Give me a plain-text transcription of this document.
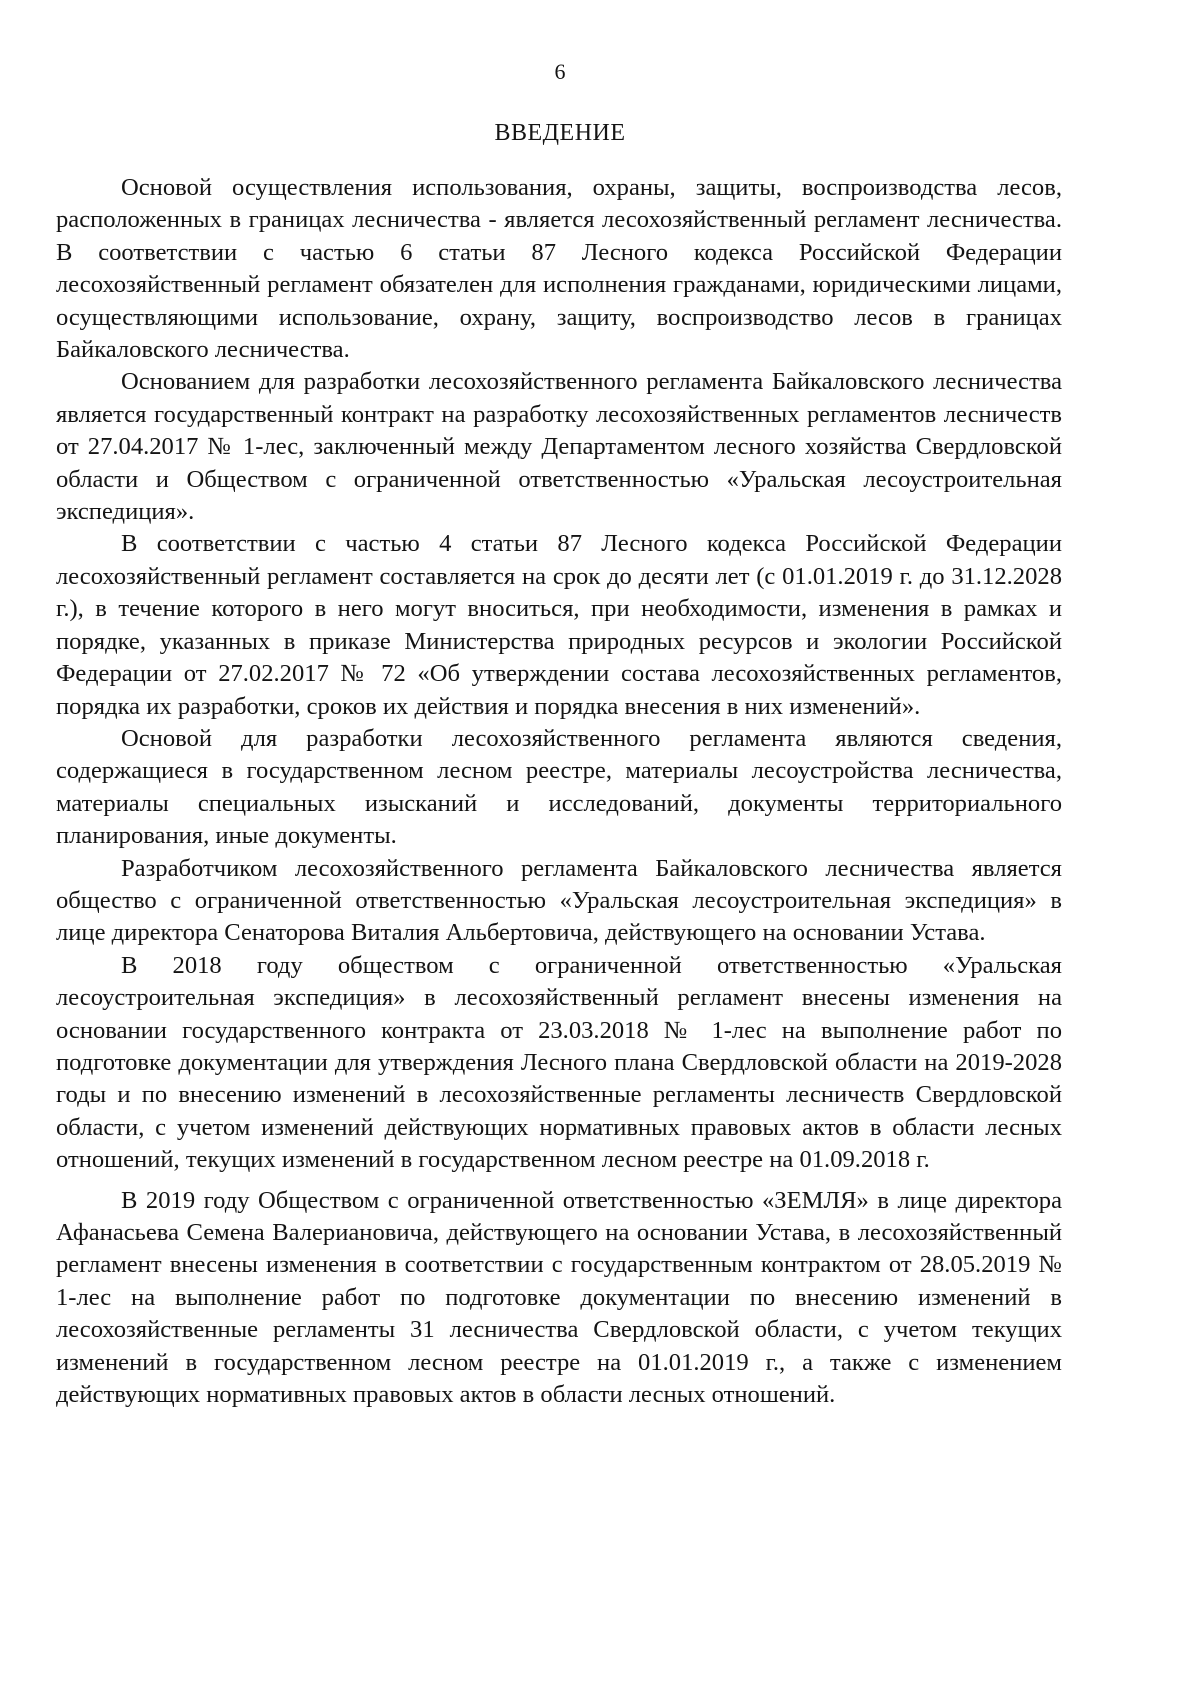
6
ВВЕДЕНИЕ

Основой осуществления использования, охраны, защиты, воспроизводства лесов, расположенных в границах лесничества - является лесохозяйственный регламент лесничества. В соответствии с частью 6 статьи 87 Лесного кодекса Российской Федерации лесохозяйственный регламент обязателен для исполнения гражданами, юридическими лицами, осуществляющими использование, охрану, защиту, воспроизводство лесов в границах Байкаловского лесничества.

Основанием для разработки лесохозяйственного регламента Байкаловского лесничества является государственный контракт на разработку лесохозяйственных регламентов лесничеств от 27.04.2017 № 1-лес, заключенный между Департаментом лесного хозяйства Свердловской области и Обществом с ограниченной ответственностью «Уральская лесоустроительная экспедиция».

В соответствии с частью 4 статьи 87 Лесного кодекса Российской Федерации лесохозяйственный регламент составляется на срок до десяти лет (с 01.01.2019 г. до 31.12.2028 г.), в течение которого в него могут вноситься, при необходимости, изменения в рамках и порядке, указанных в приказе Министерства природных ресурсов и экологии Российской Федерации от 27.02.2017 № 72 «Об утверждении состава лесохозяйственных регламентов, порядка их разработки, сроков их действия и порядка внесения в них изменений».

Основой для разработки лесохозяйственного регламента являются сведения, содержащиеся в государственном лесном реестре, материалы лесоустройства лесничества, материалы специальных изысканий и исследований, документы территориального планирования, иные документы.

Разработчиком лесохозяйственного регламента Байкаловского лесничества является общество с ограниченной ответственностью «Уральская лесоустроительная экспедиция» в лице директора Сенаторова Виталия Альбертовича, действующего на основании Устава.

В 2018 году обществом с ограниченной ответственностью «Уральская лесоустроительная экспедиция» в лесохозяйственный регламент внесены изменения на основании государственного контракта от 23.03.2018 № 1-лес на выполнение работ по подготовке документации для утверждения Лесного плана Свердловской области на 2019-2028 годы и по внесению изменений в лесохозяйственные регламенты лесничеств Свердловской области, с учетом изменений действующих нормативных правовых актов в области лесных отношений, текущих изменений в государственном лесном реестре на 01.09.2018 г.

В 2019 году Обществом с ограниченной ответственностью «ЗЕМЛЯ» в лице директора Афанасьева Семена Валериановича, действующего на основании Устава, в лесохозяйственный регламент внесены изменения в соответствии с государственным контрактом от 28.05.2019 № 1-лес на выполнение работ по подготовке документации по внесению изменений в лесохозяйственные регламенты 31 лесничества Свердловской области, с учетом текущих изменений в государственном лесном реестре на 01.01.2019 г., а также с изменением действующих нормативных правовых актов в области лесных отношений.
